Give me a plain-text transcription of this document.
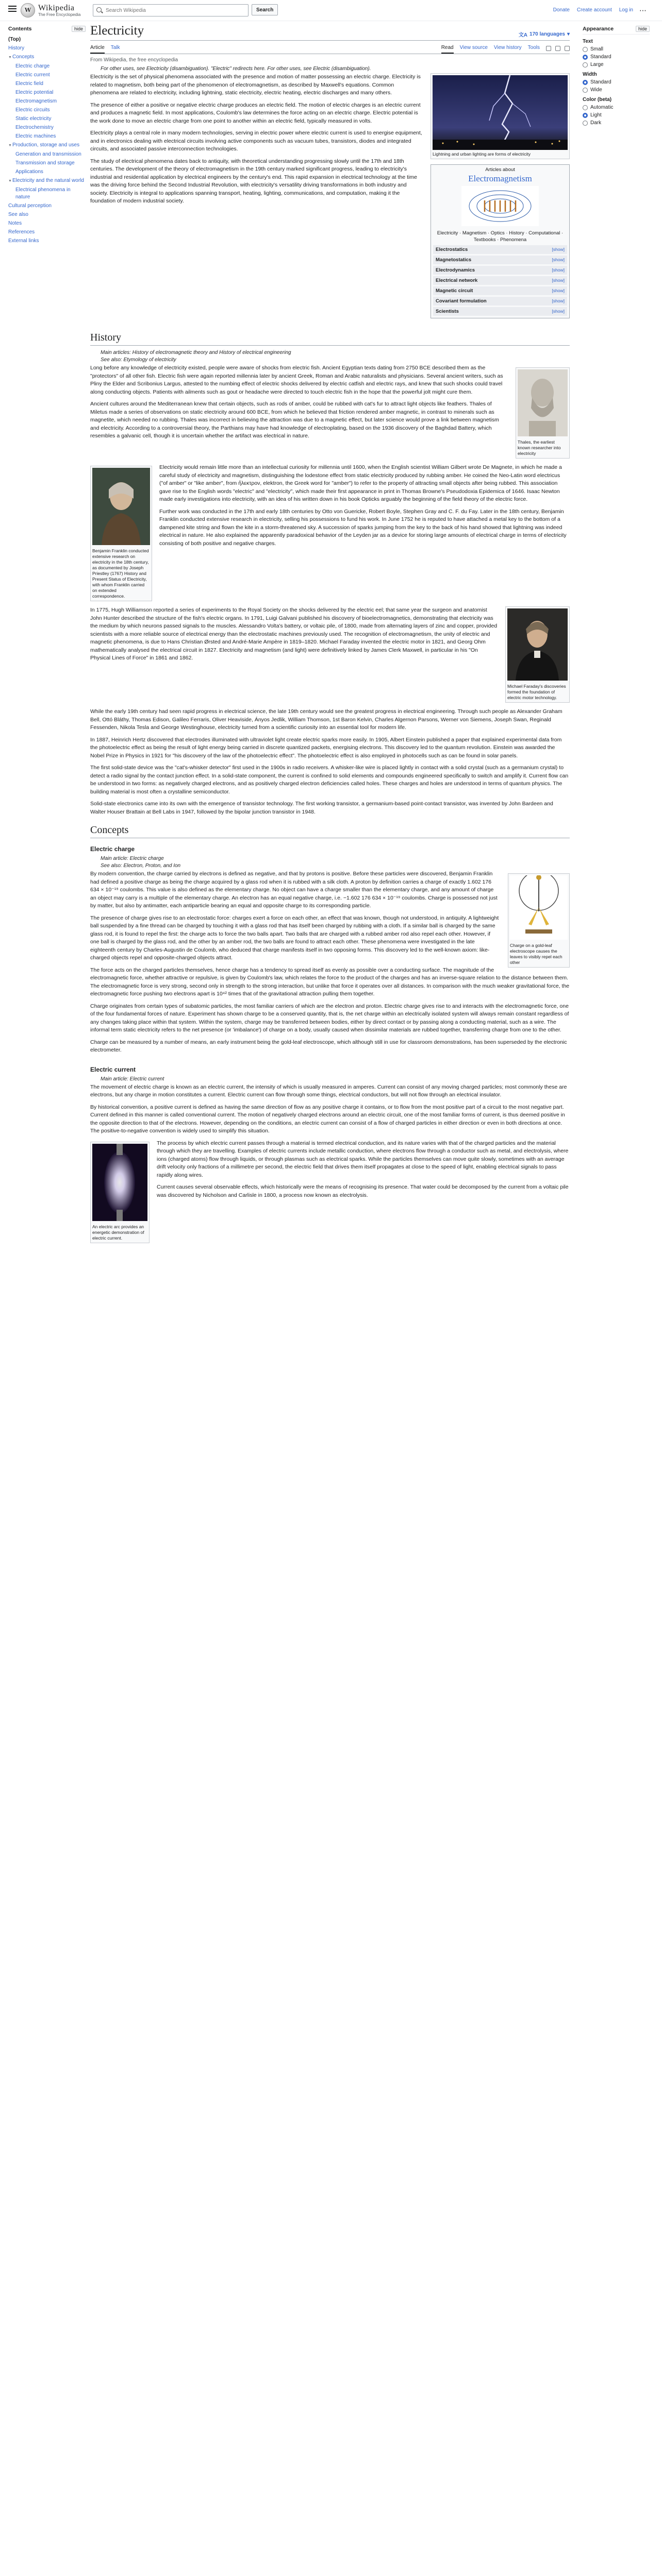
W Wikipedia
The Free Encyclopedia
Search Wikipedia
Search	Donate Create account Log in ⋯
Contents	hide
(Top)
History
▼Concepts
Electric charge
Electric current
Electric field
Electric potential
Electromagnetism
Electric circuits
Static electricity
Electrochemistry
Electric machines
▼Production, storage and uses
Generation and transmission
Transmission and storage
Applications
▼Electricity and the natural world
Electrical phenomena in nature
Cultural perception
See also
Notes
References
External links
Appearance	hide
Text
Small
Standard
Large
Width
Standard
Wide
Color (beta)
Automatic
Light
Dark
Electricity	文A 170 languages ▾
Article Talk	Read View source View history Tools
From Wikipedia, the free encyclopedia
For other uses, see Electricity (disambiguation). "Electric" redirects here. For other uses, see Electric (disambiguation).
Lightning and urban lighting are forms of electricity
Articles about
Electromagnetism
Electricity · Magnetism · Optics · History · Computational · Textbooks · Phenomena
Electrostatics	[show]
Magnetostatics	[show]
Electrodynamics	[show]
Electrical network	[show]
Magnetic circuit	[show]
Covariant formulation	[show]
Scientists	[show]

Electricity is the set of physical phenomena associated with the presence and motion of matter possessing an electric charge. Electricity is related to magnetism, both being part of the phenomenon of electromagnetism, as described by Maxwell's equations. Common phenomena are related to electricity, including lightning, static electricity, electric heating, electric discharges and many others.

The presence of either a positive or negative electric charge produces an electric field. The motion of electric charges is an electric current and produces a magnetic field. In most applications, Coulomb's law determines the force acting on an electric charge. Electric potential is the work done to move an electric charge from one point to another within an electric field, typically measured in volts.

Electricity plays a central role in many modern technologies, serving in electric power where electric current is used to energise equipment, and in electronics dealing with electrical circuits involving active components such as vacuum tubes, transistors, diodes and integrated circuits, and associated passive interconnection technologies.

The study of electrical phenomena dates back to antiquity, with theoretical understanding progressing slowly until the 17th and 18th centuries. The development of the theory of electromagnetism in the 19th century marked significant progress, leading to electricity's industrial and residential application by electrical engineers by the century's end. This rapid expansion in electrical technology at the time was the driving force behind the Second Industrial Revolution, with electricity's versatility driving transformations in both industry and society. Electricity is integral to applications spanning transport, heating, lighting, communications, and computation, making it the foundation of modern industrial society.

History
Main articles: History of electromagnetic theory and History of electrical engineering
See also: Etymology of electricity
Thales, the earliest known researcher into electricity

Long before any knowledge of electricity existed, people were aware of shocks from electric fish. Ancient Egyptian texts dating from 2750 BCE described them as the "protectors" of all other fish. Electric fish were again reported millennia later by ancient Greek, Roman and Arabic naturalists and physicians. Several ancient writers, such as Pliny the Elder and Scribonius Largus, attested to the numbing effect of electric shocks delivered by electric catfish and electric rays, and knew that such shocks could travel along conducting objects. Patients with ailments such as gout or headache were directed to touch electric fish in the hope that the powerful jolt might cure them.

Ancient cultures around the Mediterranean knew that certain objects, such as rods of amber, could be rubbed with cat's fur to attract light objects like feathers. Thales of Miletus made a series of observations on static electricity around 600 BCE, from which he believed that friction rendered amber magnetic, in contrast to minerals such as magnetite, which needed no rubbing. Thales was incorrect in believing the attraction was due to a magnetic effect, but later science would prove a link between magnetism and electricity. According to a controversial theory, the Parthians may have had knowledge of electroplating, based on the 1936 discovery of the Baghdad Battery, which resembles a galvanic cell, though it is uncertain whether the artifact was electrical in nature.

Benjamin Franklin conducted extensive research on electricity in the 18th century, as documented by Joseph Priestley (1767) History and Present Status of Electricity, with whom Franklin carried on extended correspondence.

Electricity would remain little more than an intellectual curiosity for millennia until 1600, when the English scientist William Gilbert wrote De Magnete, in which he made a careful study of electricity and magnetism, distinguishing the lodestone effect from static electricity produced by rubbing amber. He coined the Neo-Latin word electricus ("of amber" or "like amber", from ἤλεκτρον, elektron, the Greek word for "amber") to refer to the property of attracting small objects after being rubbed. This association gave rise to the English words "electric" and "electricity", which made their first appearance in print in Thomas Browne's Pseudodoxia Epidemica of 1646. Isaac Newton made early investigations into electricity, with an idea of his written down in his book Opticks arguably the beginning of the field theory of the electric force.

Further work was conducted in the 17th and early 18th centuries by Otto von Guericke, Robert Boyle, Stephen Gray and C. F. du Fay. Later in the 18th century, Benjamin Franklin conducted extensive research in electricity, selling his possessions to fund his work. In June 1752 he is reputed to have attached a metal key to the bottom of a dampened kite string and flown the kite in a storm-threatened sky. A succession of sparks jumping from the key to the back of his hand showed that lightning was indeed electrical in nature. He also explained the apparently paradoxical behavior of the Leyden jar as a device for storing large amounts of electrical charge in terms of electricity consisting of both positive and negative charges.

Michael Faraday's discoveries formed the foundation of electric motor technology.

In 1775, Hugh Williamson reported a series of experiments to the Royal Society on the shocks delivered by the electric eel; that same year the surgeon and anatomist John Hunter described the structure of the fish's electric organs. In 1791, Luigi Galvani published his discovery of bioelectromagnetics, demonstrating that electricity was the medium by which neurons passed signals to the muscles. Alessandro Volta's battery, or voltaic pile, of 1800, made from alternating layers of zinc and copper, provided scientists with a more reliable source of electrical energy than the electrostatic machines previously used. The recognition of electromagnetism, the unity of electric and magnetic phenomena, is due to Hans Christian Ørsted and André-Marie Ampère in 1819–1820. Michael Faraday invented the electric motor in 1821, and Georg Ohm mathematically analysed the electrical circuit in 1827. Electricity and magnetism (and light) were definitively linked by James Clerk Maxwell, in particular in his "On Physical Lines of Force" in 1861 and 1862.

While the early 19th century had seen rapid progress in electrical science, the late 19th century would see the greatest progress in electrical engineering. Through such people as Alexander Graham Bell, Ottó Bláthy, Thomas Edison, Galileo Ferraris, Oliver Heaviside, Ányos Jedlik, William Thomson, 1st Baron Kelvin, Charles Algernon Parsons, Werner von Siemens, Joseph Swan, Reginald Fessenden, Nikola Tesla and George Westinghouse, electricity turned from a scientific curiosity into an essential tool for modern life.

In 1887, Heinrich Hertz discovered that electrodes illuminated with ultraviolet light create electric sparks more easily. In 1905, Albert Einstein published a paper that explained experimental data from the photoelectric effect as being the result of light energy being carried in discrete quantized packets, energising electrons. This discovery led to the quantum revolution. Einstein was awarded the Nobel Prize in Physics in 1921 for "his discovery of the law of the photoelectric effect". The photoelectric effect is also employed in photocells such as can be found in solar panels.

The first solid-state device was the "cat's-whisker detector" first used in the 1900s in radio receivers. A whisker-like wire is placed lightly in contact with a solid crystal (such as a germanium crystal) to detect a radio signal by the contact junction effect. In a solid-state component, the current is confined to solid elements and compounds engineered specifically to switch and amplify it. Current flow can be understood in two forms: as negatively charged electrons, and as positively charged electron deficiencies called holes. These charges and holes are understood in terms of quantum physics. The building material is most often a crystalline semiconductor.

Solid-state electronics came into its own with the emergence of transistor technology. The first working transistor, a germanium-based point-contact transistor, was invented by John Bardeen and Walter Houser Brattain at Bell Labs in 1947, followed by the bipolar junction transistor in 1948.

Concepts
Electric charge
Main article: Electric charge
See also: Electron, Proton, and Ion
Charge on a gold-leaf electroscope causes the leaves to visibly repel each other

By modern convention, the charge carried by electrons is defined as negative, and that by protons is positive. Before these particles were discovered, Benjamin Franklin had defined a positive charge as being the charge acquired by a glass rod when it is rubbed with a silk cloth. A proton by definition carries a charge of exactly 1.602 176 634 × 10⁻¹⁹ coulombs. This value is also defined as the elementary charge. No object can have a charge smaller than the elementary charge, and any amount of charge an object may carry is a multiple of the elementary charge. An electron has an equal negative charge, i.e. −1.602 176 634 × 10⁻¹⁹ coulombs. Charge is possessed not just by matter, but also by antimatter, each antiparticle bearing an equal and opposite charge to its corresponding particle.

The presence of charge gives rise to an electrostatic force: charges exert a force on each other, an effect that was known, though not understood, in antiquity. A lightweight ball suspended by a fine thread can be charged by touching it with a glass rod that has itself been charged by rubbing with a cloth. If a similar ball is charged by the same glass rod, it is found to repel the first: the charge acts to force the two balls apart. Two balls that are charged with a rubbed amber rod also repel each other. However, if one ball is charged by the glass rod, and the other by an amber rod, the two balls are found to attract each other. These phenomena were investigated in the late eighteenth century by Charles-Augustin de Coulomb, who deduced that charge manifests itself in two opposing forms. This discovery led to the well-known axiom: like-charged objects repel and opposite-charged objects attract.

The force acts on the charged particles themselves, hence charge has a tendency to spread itself as evenly as possible over a conducting surface. The magnitude of the electromagnetic force, whether attractive or repulsive, is given by Coulomb's law, which relates the force to the product of the charges and has an inverse-square relation to the distance between them. The electromagnetic force is very strong, second only in strength to the strong interaction, but unlike that force it operates over all distances. In comparison with the much weaker gravitational force, the electromagnetic force pushing two electrons apart is 10⁴² times that of the gravitational attraction pulling them together.

Charge originates from certain types of subatomic particles, the most familiar carriers of which are the electron and proton. Electric charge gives rise to and interacts with the electromagnetic force, one of the four fundamental forces of nature. Experiment has shown charge to be a conserved quantity, that is, the net charge within an electrically isolated system will always remain constant regardless of any changes taking place within that system. Within the system, charge may be transferred between bodies, either by direct contact or by passing along a conducting material, such as a wire. The informal term static electricity refers to the net presence (or 'imbalance') of charge on a body, usually caused when dissimilar materials are rubbed together, transferring charge from one to the other.

Charge can be measured by a number of means, an early instrument being the gold-leaf electroscope, which although still in use for classroom demonstrations, has been superseded by the electronic electrometer.

Electric current
Main article: Electric current

The movement of electric charge is known as an electric current, the intensity of which is usually measured in amperes. Current can consist of any moving charged particles; most commonly these are electrons, but any charge in motion constitutes a current. Electric current can flow through some things, electrical conductors, but will not flow through an electrical insulator.

By historical convention, a positive current is defined as having the same direction of flow as any positive charge it contains, or to flow from the most positive part of a circuit to the most negative part. Current defined in this manner is called conventional current. The motion of negatively charged electrons around an electric circuit, one of the most familiar forms of current, is thus deemed positive in the opposite direction to that of the electrons. However, depending on the conditions, an electric current can consist of a flow of charged particles in either direction or even in both directions at once. The positive-to-negative convention is widely used to simplify this situation.

An electric arc provides an energetic demonstration of electric current.

The process by which electric current passes through a material is termed electrical conduction, and its nature varies with that of the charged particles and the material through which they are travelling. Examples of electric currents include metallic conduction, where electrons flow through a conductor such as metal, and electrolysis, where ions (charged atoms) flow through liquids, or through plasmas such as electrical sparks. While the particles themselves can move quite slowly, sometimes with an average drift velocity only fractions of a millimetre per second, the electric field that drives them itself propagates at close to the speed of light, enabling electrical signals to pass rapidly along wires.

Current causes several observable effects, which historically were the means of recognising its presence. That water could be decomposed by the current from a voltaic pile was discovered by Nicholson and Carlisle in 1800, a process now known as electrolysis.
